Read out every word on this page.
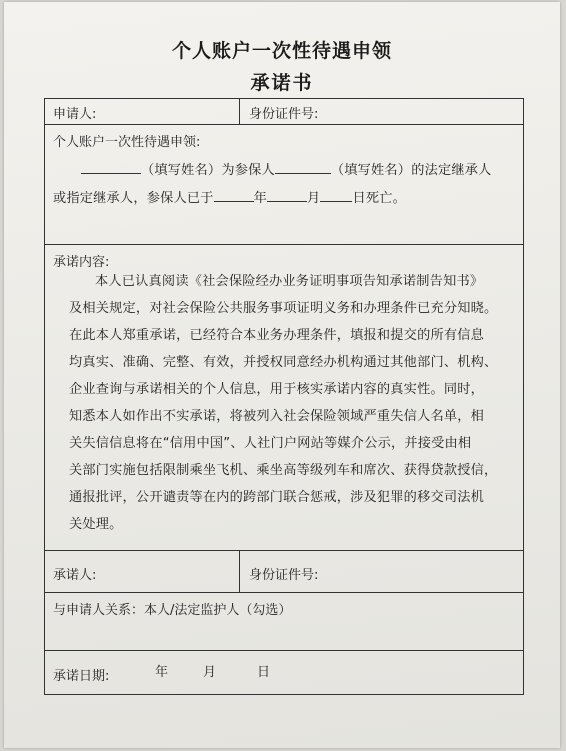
个人账户一次性待遇申领
承诺书
申请人:	身份证件号:
个人账户一次性待遇申领:
（填写姓名）为参保人	（填写姓名）的法定继承人
或指定继承人，参保人已于	年	月 日死亡。
承诺内容:
本人已认真阅读《社会保险经办业务证明事项告知承诺制告知书》
及相关规定，对社会保险公共服务事项证明义务和办理条件已充分知晓。
在此本人郑重承诺，已经符合本业务办理条件，填报和提交的所有信息
均真实、准确、完整、有效，并授权同意经办机构通过其他部门、机构、
企业查询与承诺相关的个人信息，用于核实承诺内容的真实性。同时，
知悉本人如作出不实承诺，将被列入社会保险领域严重失信人名单，相
关失信信息将在“信用中国”、人社门户网站等媒介公示，并接受由相
关部门实施包括限制乘坐飞机、乘坐高等级列车和席次、获得贷款授信，
通报批评，公开谴责等在内的跨部门联合惩戒，涉及犯罪的移交司法机
关处理。
承诺人:	身份证件号:
与申请人关系：本人/法定监护人（勾选）
承诺日期:	年	月	日
